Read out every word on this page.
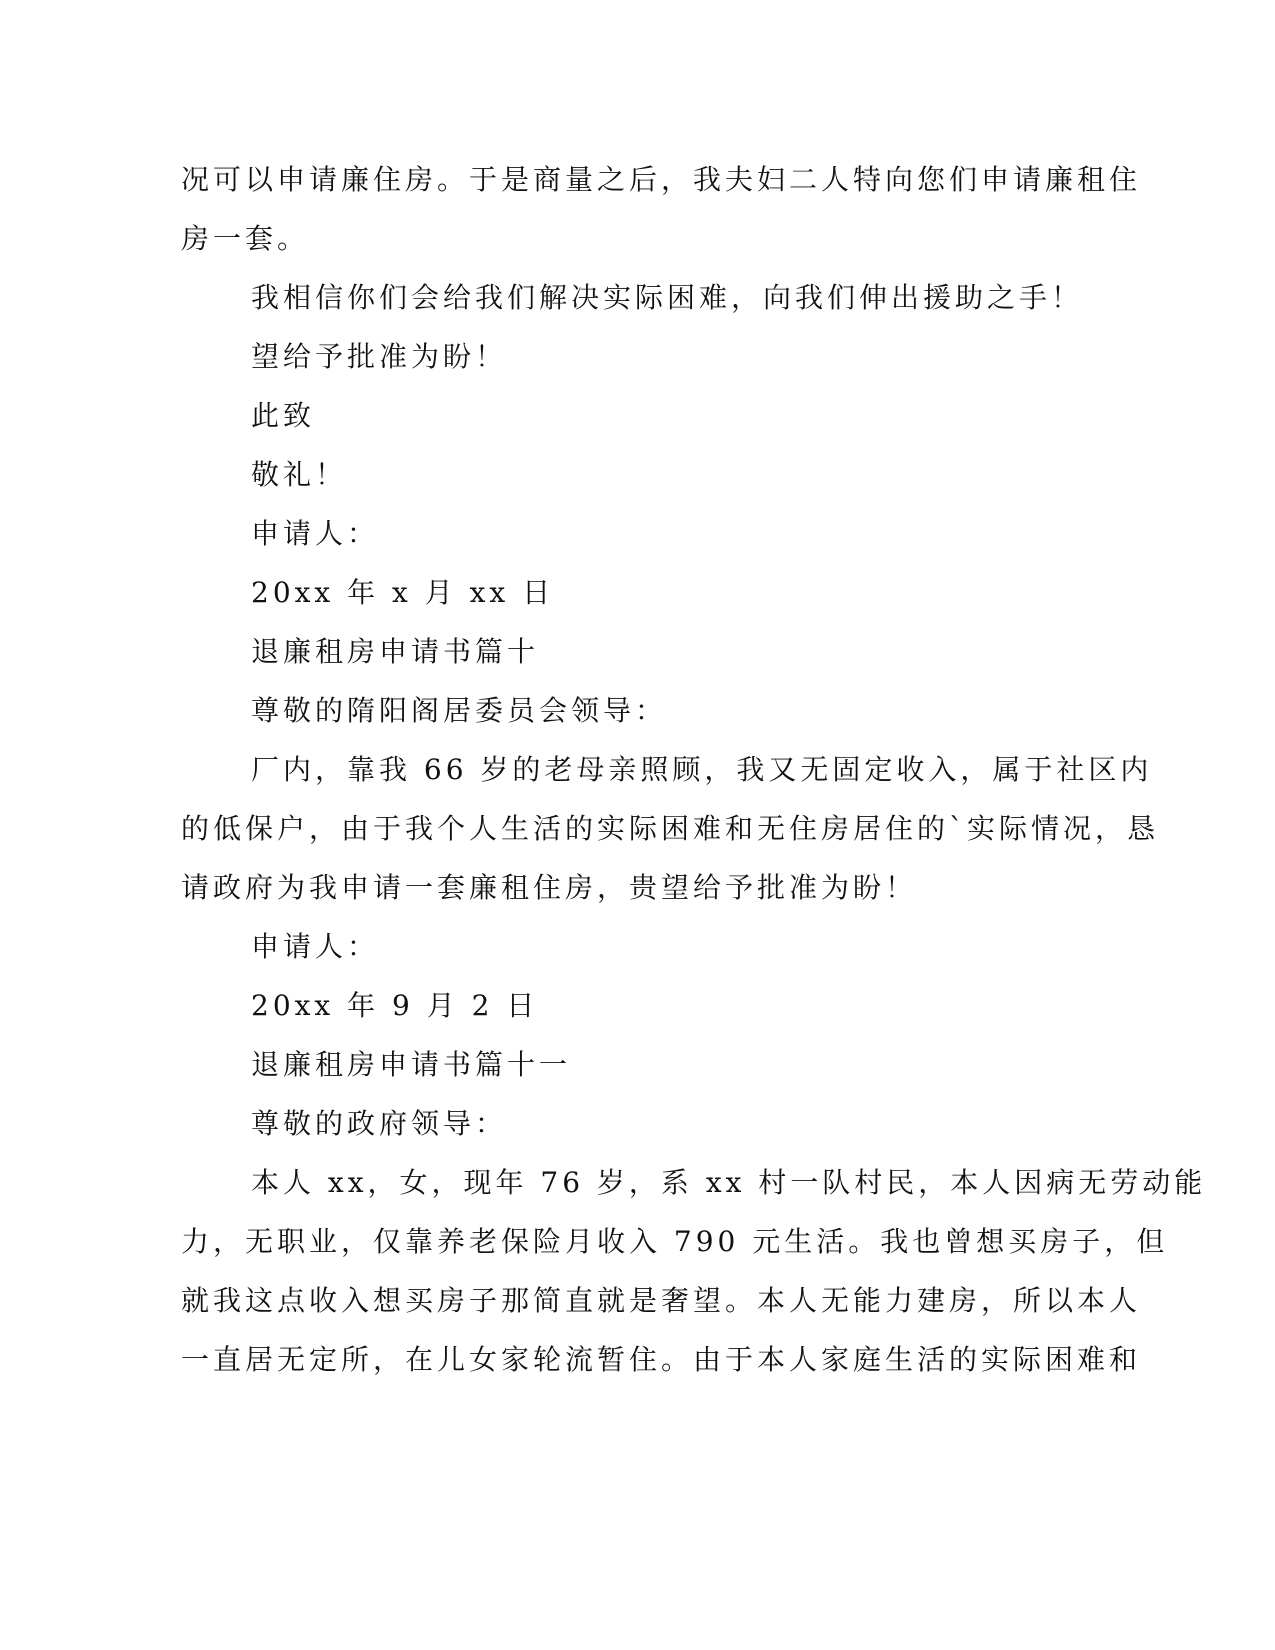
况可以申请廉住房。于是商量之后，我夫妇二人特向您们申请廉租住
房一套。
我相信你们会给我们解决实际困难，向我们伸出援助之手！
望给予批准为盼！
此致
敬礼！
申请人：
20xx 年 x 月 xx 日
退廉租房申请书篇十
尊敬的隋阳阁居委员会领导：
厂内，靠我 66 岁的老母亲照顾，我又无固定收入，属于社区内
的低保户，由于我个人生活的实际困难和无住房居住的`实际情况，恳
请政府为我申请一套廉租住房，贵望给予批准为盼！
申请人：
20xx 年 9 月 2 日
退廉租房申请书篇十一
尊敬的政府领导：
本人 xx，女，现年 76 岁，系 xx 村一队村民，本人因病无劳动能
力，无职业，仅靠养老保险月收入 790 元生活。我也曾想买房子，但
就我这点收入想买房子那简直就是奢望。本人无能力建房，所以本人
一直居无定所，在儿女家轮流暂住。由于本人家庭生活的实际困难和
